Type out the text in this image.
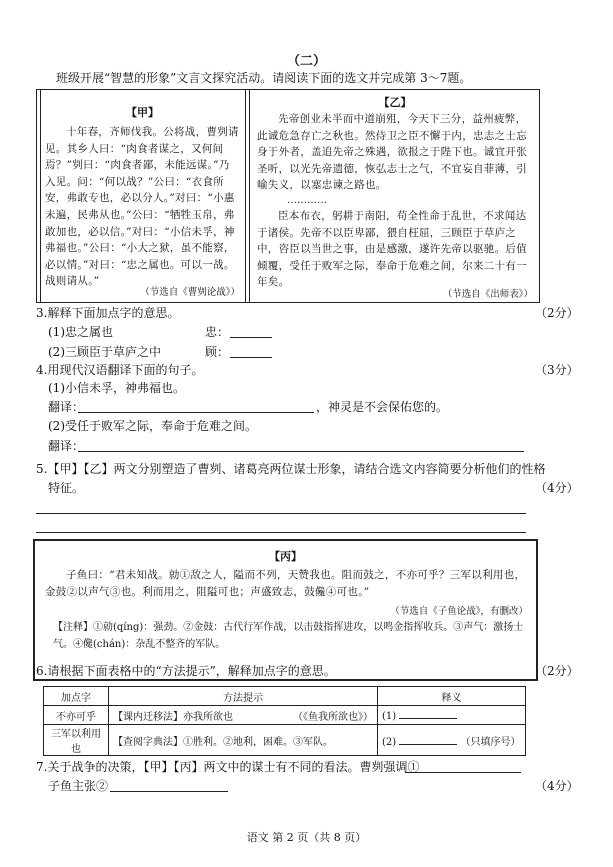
（二）
班级开展“智慧的形象”文言文探究活动。请阅读下面的选文并完成第 3～7题。
【甲】

十年春，齐师伐我。公将战，曹刿请见。其乡人曰：“肉食者谋之，又何间焉？”刿曰：“肉食者鄙，未能远谋。”乃入见。问：“何以战？”公曰：“衣食所安，弗敢专也，必以分人。”对曰：“小惠未遍，民弗从也。”公曰：“牺牲玉帛，弗敢加也，必以信。”对曰：“小信未孚，神弗福也。”公曰：“小大之狱，虽不能察，必以情。”对曰：“忠之属也。可以一战。战则请从。”

（节选自《曹刿论战》）
【乙】

先帝创业未半而中道崩殂，今天下三分，益州疲弊，此诚危急存亡之秋也。然侍卫之臣不懈于内，忠志之士忘身于外者，盖追先帝之殊遇，欲报之于陛下也。诚宜开张圣听，以光先帝遗德，恢弘志士之气，不宜妄自菲薄，引喻失义，以塞忠谏之路也。

…………

臣本布衣，躬耕于南阳，苟全性命于乱世，不求闻达于诸侯。先帝不以臣卑鄙，猥自枉屈，三顾臣于草庐之中，咨臣以当世之事，由是感激，遂许先帝以驱驰。后值倾覆，受任于败军之际，奉命于危难之间，尔来二十有一年矣。

（节选自《出师表》）
3.解释下面加点字的意思。	（2分）
(1)忠之属也	忠：
(2)三顾臣于草庐之中	顾：
4.用现代汉语翻译下面的句子。	（3分）
(1)小信未孚，神弗福也。
翻译：	，神灵是不会保佑您的。
(2)受任于败军之际，奉命于危难之间。
翻译：
5.【甲】【乙】两文分别塑造了曹刿、诸葛亮两位谋士形象，请结合选文内容简要分析他们的性格
特征。	（4分）
【丙】

子鱼曰：“君未知战。勍①敌之人，隘而不列，天赞我也。阻而鼓之，不亦可乎？三军以利用也，金鼓②以声气③也。利而用之，阻隘可也；声盛致志，鼓儳④可也。”

（节选自《子鱼论战》，有删改）
【注释】①勍(qíng)：强劲。②金鼓：古代行军作战，以击鼓指挥进攻，以鸣金指挥收兵。③声气：激扬士气。④儳(chán)：杂乱不整齐的军队。
6.请根据下面表格中的“方法提示”，解释加点字的意思。	（2分）
加点字	方法提示	释义
不亦可乎	【课内迁移法】亦我所欲也 （《鱼我所欲也》）	(1)
三军以利用也	【查阅字典法】①胜利。②地利，困难。③军队。	(2) （只填序号）
7.关于战争的决策，【甲】【丙】两文中的谋士有不同的看法。曹刿强调①
子鱼主张②	（4分）
语文 第 2 页（共 8 页）
